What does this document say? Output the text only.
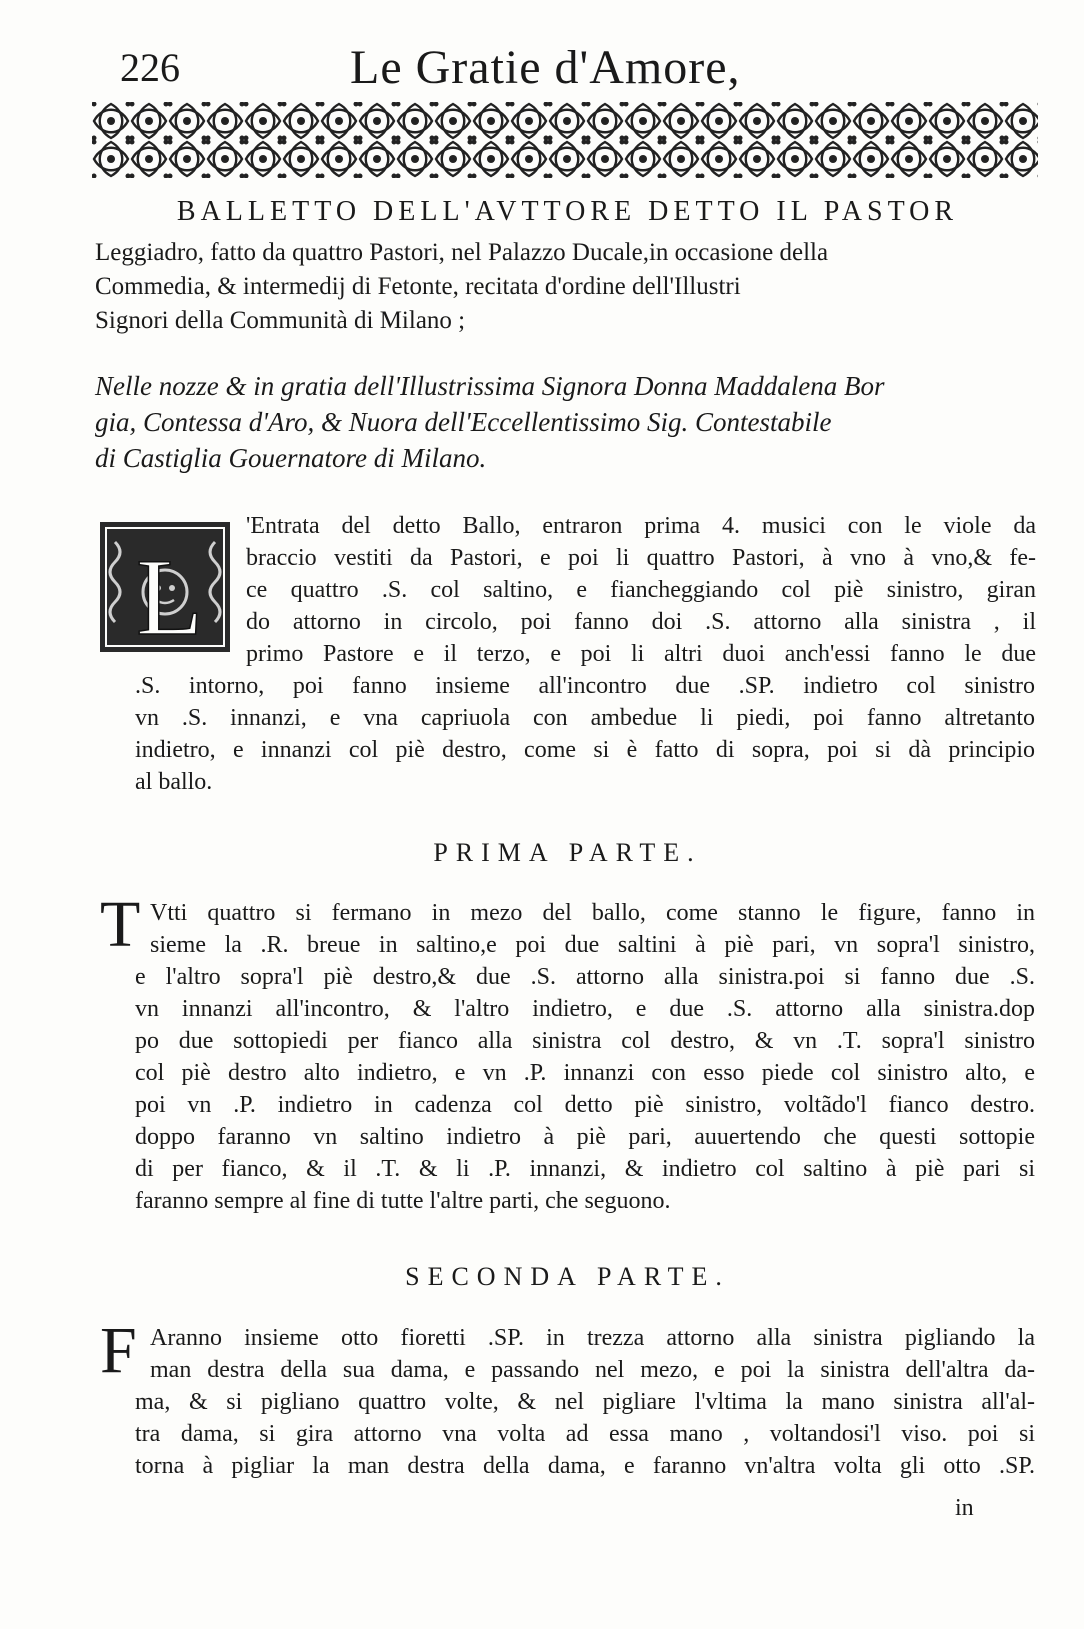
226	Le Gratie d'Amore,
BALLETTO DELL'AVTTORE DETTO IL PASTOR
Leggiadro, fatto da quattro Pastori, nel Palazzo Ducale,in occasione della
Commedia, & intermedij di Fetonte, recitata d'ordine dell'Illustri
Signori della Communità di Milano ;
Nelle nozze & in gratia dell'Illustrissima Signora Donna Maddalena Bor
gia, Contessa d'Aro, & Nuora dell'Eccellentissimo Sig. Contestabile
di Castiglia Gouernatore di Milano.
L
'Entrata del detto Ballo, entraron prima 4. musici con le viole da
braccio vestiti da Pastori, e poi li quattro Pastori, à vno à vno,& fe-
ce quattro .S. col saltino, e fiancheggiando col piè sinistro, giran
do attorno in circolo, poi fanno doi .S. attorno alla sinistra , il
primo Pastore e il terzo, e poi li altri duoi anch'essi fanno le due
.S. intorno, poi fanno insieme all'incontro due .SP. indietro col sinistro
vn .S. innanzi, e vna capriuola con ambedue li piedi, poi fanno altretanto
indietro, e innanzi col piè destro, come si è fatto di sopra, poi si dà principio
al ballo.
PRIMA PARTE.
T Vtti quattro si fermano in mezo del ballo, come stanno le figure, fanno in
sieme la .R. breue in saltino,e poi due saltini à piè pari, vn sopra'l sinistro,
e l'altro sopra'l piè destro,& due .S. attorno alla sinistra.poi si fanno due .S.
vn innanzi all'incontro, & l'altro indietro, e due .S. attorno alla sinistra.dop
po due sottopiedi per fianco alla sinistra col destro, & vn .T. sopra'l sinistro
col piè destro alto indietro, e vn .P. innanzi con esso piede col sinistro alto, e
poi vn .P. indietro in cadenza col detto piè sinistro, voltãdo'l fianco destro.
doppo faranno vn saltino indietro à piè pari, auuertendo che questi sottopie
di per fianco, & il .T. & li .P. innanzi, & indietro col saltino à piè pari si
faranno sempre al fine di tutte l'altre parti, che seguono.
SECONDA PARTE.
F Aranno insieme otto fioretti .SP. in trezza attorno alla sinistra pigliando la
man destra della sua dama, e passando nel mezo, e poi la sinistra dell'altra da-
ma, & si pigliano quattro volte, & nel pigliare l'vltima la mano sinistra all'al-
tra dama, si gira attorno vna volta ad essa mano , voltandosi'l viso. poi si
torna à pigliar la man destra della dama, e faranno vn'altra volta gli otto .SP.
in
